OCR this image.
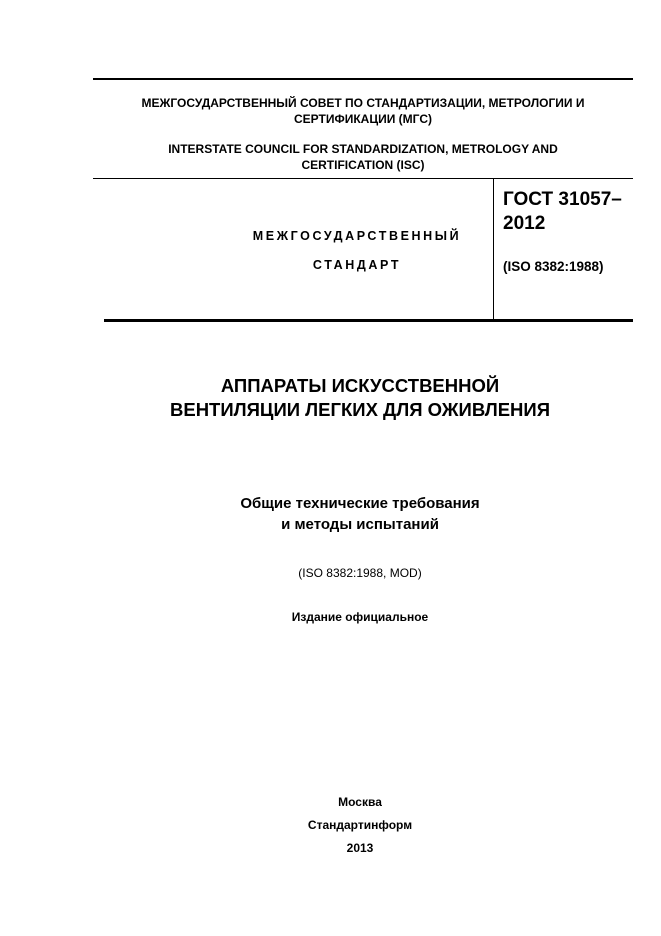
МЕЖГОСУДАРСТВЕННЫЙ СОВЕТ ПО СТАНДАРТИЗАЦИИ, МЕТРОЛОГИИ И
СЕРТИФИКАЦИИ (МГС)
INTERSTATE COUNCIL FOR STANDARDIZATION, METROLOGY AND
CERTIFICATION (ISC)
МЕЖГОСУДАРСТВЕННЫЙ
СТАНДАРТ
ГОСТ 31057–
2012
(ISO 8382:1988)
АППАРАТЫ ИСКУССТВЕННОЙ
ВЕНТИЛЯЦИИ ЛЕГКИХ ДЛЯ ОЖИВЛЕНИЯ
Общие технические требования
и методы испытаний
(ISO 8382:1988, MOD)
Издание официальное
Москва
Стандартинформ
2013
